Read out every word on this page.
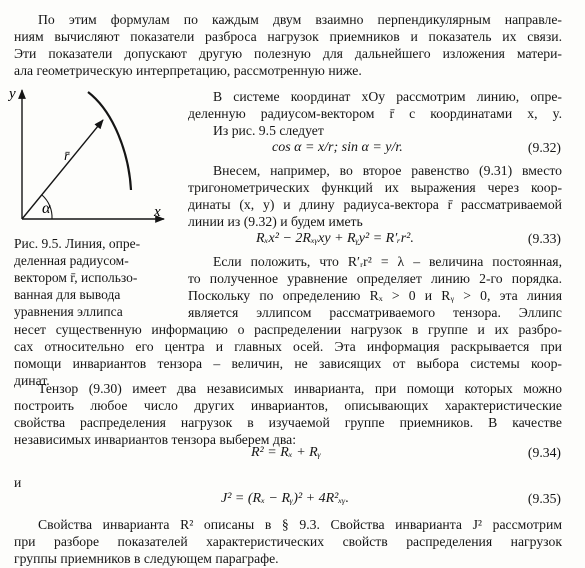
По этим формулам по каждым двум взаимно перпендикулярным направле-
ниям вычисляют показатели разброса нагрузок приемников и показатель их связи.
Эти показатели допускают другую полезную для дальнейшего изложения матери-
ала геометрическую интерпретацию, рассмотренную ниже.
y
x
r̄
α
Рис. 9.5. Линия, опре-
деленная радиусом-
вектором r̄, использо-
ванная для вывода
уравнения эллипса
В системе координат xOy рассмотрим линию, опре-
деленную радиусом-вектором r̄ с координатами x, y.
Из рис. 9.5 следует
cos α = x/r; sin α = y/r.	(9.32)
Внесем, например, во второе равенство (9.31) вместо
тригонометрических функций их выражения через коор-
динаты (x, y) и длину радиуса-вектора r̄ рассматриваемой
линии из (9.32) и будем иметь
Rₓx² − 2Rₓᵧxy + Rᵧy² = R′ᵣr².	(9.33)
Если положить, что R′ᵣr² = λ – величина постоянная,
то полученное уравнение определяет линию 2-го порядка.
Поскольку по определению Rₓ > 0 и Rᵧ > 0, эта линия
является эллипсом рассматриваемого тензора. Эллипс
несет существенную информацию о распределении нагрузок в группе и их разбро-
сах относительно его центра и главных осей. Эта информация раскрывается при
помощи инвариантов тензора – величин, не зависящих от выбора системы коор-
динат.
Тензор (9.30) имеет два независимых инварианта, при помощи которых можно
построить любое число других инвариантов, описывающих характеристические
свойства распределения нагрузок в изучаемой группе приемников. В качестве
независимых инвариантов тензора выберем два:
R² = Rₓ + Rᵧ	(9.34)
и
J² = (Rₓ − Rᵧ)² + 4R²ₓᵧ.	(9.35)
Свойства инварианта R² описаны в § 9.3. Свойства инварианта J² рассмотрим
при разборе показателей характеристических свойств распределения нагрузок
группы приемников в следующем параграфе.
